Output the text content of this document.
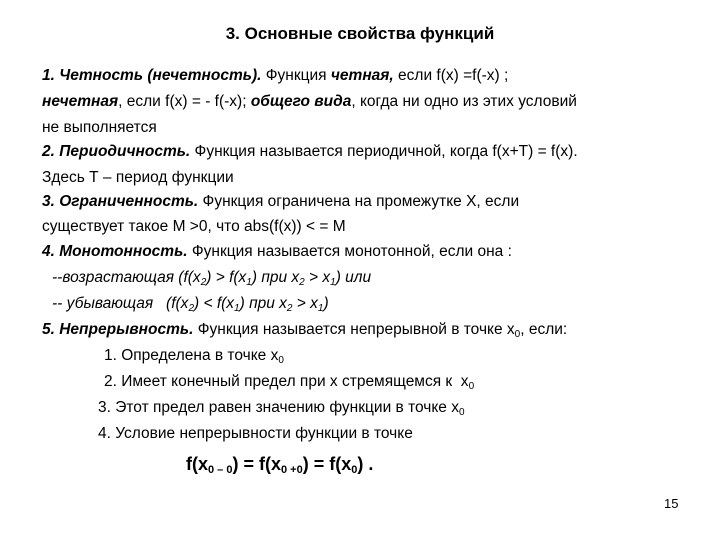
3. Основные свойства функций
1. Четность (нечетность). Функция четная, если f(x) =f(-x) ;
нечетная, если f(x) = - f(-x); общего вида, когда ни одно из этих условий
не выполняется
2. Периодичность. Функция называется периодичной, когда f(x+T) = f(x).
Здесь Т – период функции
3. Ограниченность. Функция ограничена на промежутке Х, если
существует такое М >0, что abs(f(x)) < = M
4. Монотонность. Функция называется монотонной, если она :
--возрастающая ($f(x_2) > f(x_1)$ при $x_2 > x_1$) или
-- убывающая   ($f(x_2) < f(x_1)$ при $x_2 > x_1$)
5. Непрерывность. Функция называется непрерывной в точке $x_0$, если:
1. Определена в точке $x_0$
2. Имеет конечный предел при x стремящемся к  $x_0$
3. Этот предел равен значению функции в точке $x_0$
4. Условие непрерывности функции в точке
$f(x_{0 - 0}) = f(x_{0 +0}) = f(x_0)$ .
15
